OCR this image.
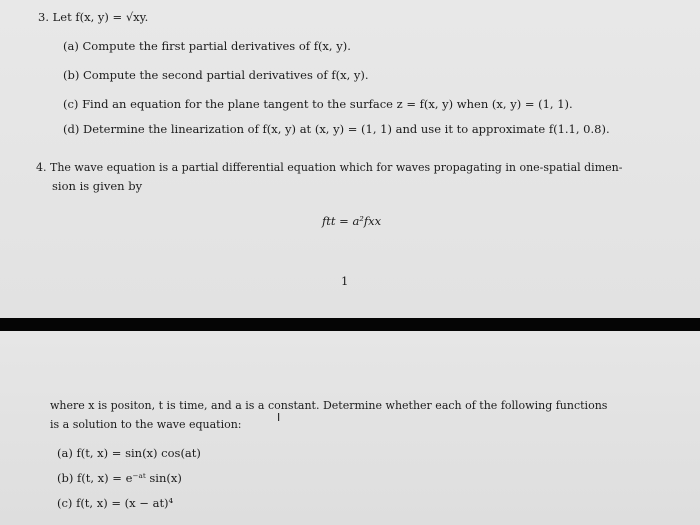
3. Let f(x, y) = √xy.
(a) Compute the first partial derivatives of f(x, y).
(b) Compute the second partial derivatives of f(x, y).
(c) Find an equation for the plane tangent to the surface z = f(x, y) when (x, y) = (1, 1).
(d) Determine the linearization of f(x, y) at (x, y) = (1, 1) and use it to approximate f(1.1, 0.8).
4. The wave equation is a partial differential equation which for waves propagating in one-spatial dimen-
sion is given by
ftt = a²fxx
1
where x is positon, t is time, and a is a constant. Determine whether each of the following functions
I
is a solution to the wave equation:
(a) f(t, x) = sin(x) cos(at)
(b) f(t, x) = e⁻ᵃᵗ sin(x)
(c) f(t, x) = (x − at)⁴
